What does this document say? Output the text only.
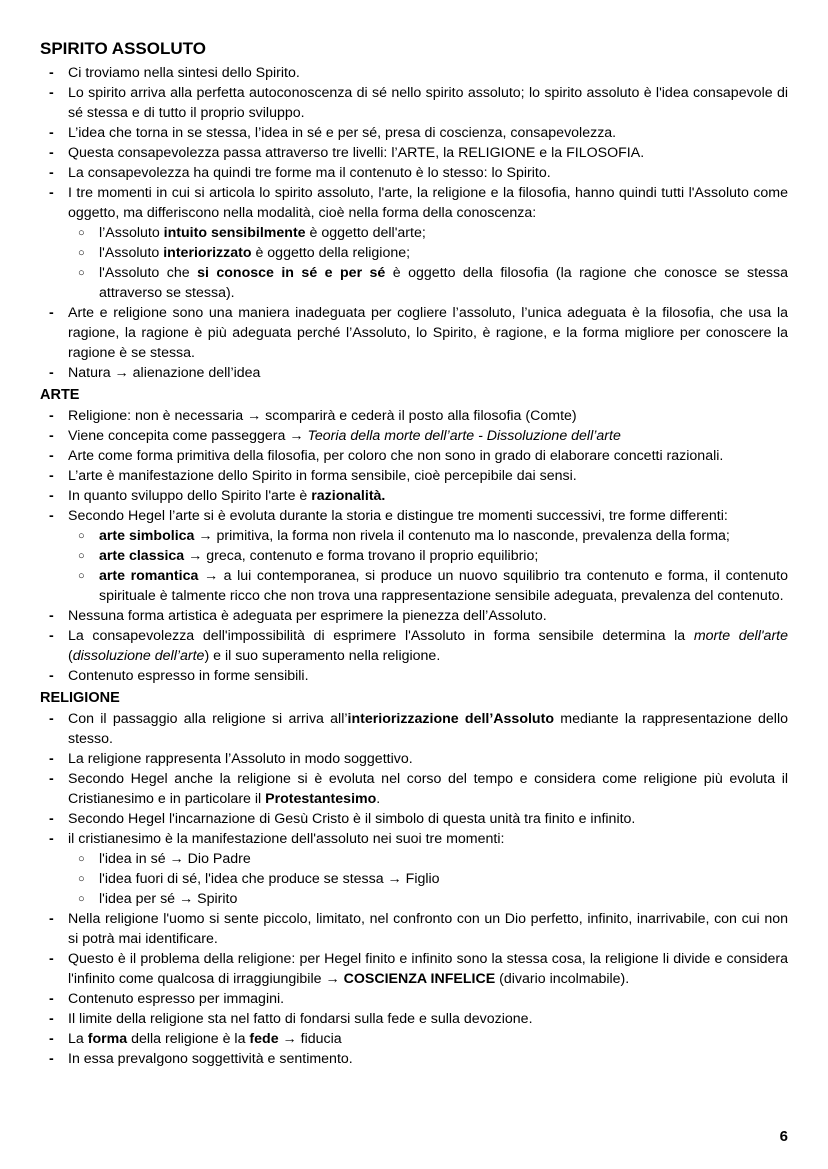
SPIRITO ASSOLUTO
- Ci troviamo nella sintesi dello Spirito.
- Lo spirito arriva alla perfetta autoconoscenza di sé nello spirito assoluto; lo spirito assoluto è l'idea consapevole di sé stessa e di tutto il proprio sviluppo.
- L’idea che torna in se stessa, l’idea in sé e per sé, presa di coscienza, consapevolezza.
- Questa consapevolezza passa attraverso tre livelli: l’ARTE, la RELIGIONE e la FILOSOFIA.
- La consapevolezza ha quindi tre forme ma il contenuto è lo stesso: lo Spirito.
- I tre momenti in cui si articola lo spirito assoluto, l'arte, la religione e la filosofia, hanno quindi tutti l'Assoluto come oggetto, ma differiscono nella modalità, cioè nella forma della conoscenza:
○ l’Assoluto intuito sensibilmente è oggetto dell'arte;
○ l'Assoluto interiorizzato è oggetto della religione;
○ l'Assoluto che si conosce in sé e per sé è oggetto della filosofia (la ragione che conosce se stessa attraverso se stessa).
- Arte e religione sono una maniera inadeguata per cogliere l’assoluto, l’unica adeguata è la filosofia, che usa la ragione, la ragione è più adeguata perché l’Assoluto, lo Spirito, è ragione, e la forma migliore per conoscere la ragione è se stessa.
- Natura → alienazione dell’idea
ARTE
- Religione: non è necessaria → scomparirà e cederà il posto alla filosofia (Comte)
- Viene concepita come passeggera → Teoria della morte dell’arte - Dissoluzione dell’arte
- Arte come forma primitiva della filosofia, per coloro che non sono in grado di elaborare concetti razionali.
- L’arte è manifestazione dello Spirito in forma sensibile, cioè percepibile dai sensi.
- In quanto sviluppo dello Spirito l'arte è razionalità.
- Secondo Hegel l’arte si è evoluta durante la storia e distingue tre momenti successivi, tre forme differenti:
○ arte simbolica → primitiva, la forma non rivela il contenuto ma lo nasconde, prevalenza della forma;
○ arte classica → greca, contenuto e forma trovano il proprio equilibrio;
○ arte romantica → a lui contemporanea, si produce un nuovo squilibrio tra contenuto e forma, il contenuto spirituale è talmente ricco che non trova una rappresentazione sensibile adeguata, prevalenza del contenuto.
- Nessuna forma artistica è adeguata per esprimere la pienezza dell’Assoluto.
- La consapevolezza dell'impossibilità di esprimere l'Assoluto in forma sensibile determina la morte dell'arte (dissoluzione dell’arte) e il suo superamento nella religione.
- Contenuto espresso in forme sensibili.
RELIGIONE
- Con il passaggio alla religione si arriva all’interiorizzazione dell’Assoluto mediante la rappresentazione dello stesso.
- La religione rappresenta l’Assoluto in modo soggettivo.
- Secondo Hegel anche la religione si è evoluta nel corso del tempo e considera come religione più evoluta il Cristianesimo e in particolare il Protestantesimo.
- Secondo Hegel l'incarnazione di Gesù Cristo è il simbolo di questa unità tra finito e infinito.
- il cristianesimo è la manifestazione dell'assoluto nei suoi tre momenti:
○ l'idea in sé → Dio Padre
○ l'idea fuori di sé, l'idea che produce se stessa → Figlio
○ l'idea per sé → Spirito
- Nella religione l'uomo si sente piccolo, limitato, nel confronto con un Dio perfetto, infinito, inarrivabile, con cui non si potrà mai identificare.
- Questo è il problema della religione: per Hegel finito e infinito sono la stessa cosa, la religione li divide e considera l'infinito come qualcosa di irraggiungibile → COSCIENZA INFELICE (divario incolmabile).
- Contenuto espresso per immagini.
- Il limite della religione sta nel fatto di fondarsi sulla fede e sulla devozione.
- La forma della religione è la fede → fiducia
- In essa prevalgono soggettività e sentimento.
6
